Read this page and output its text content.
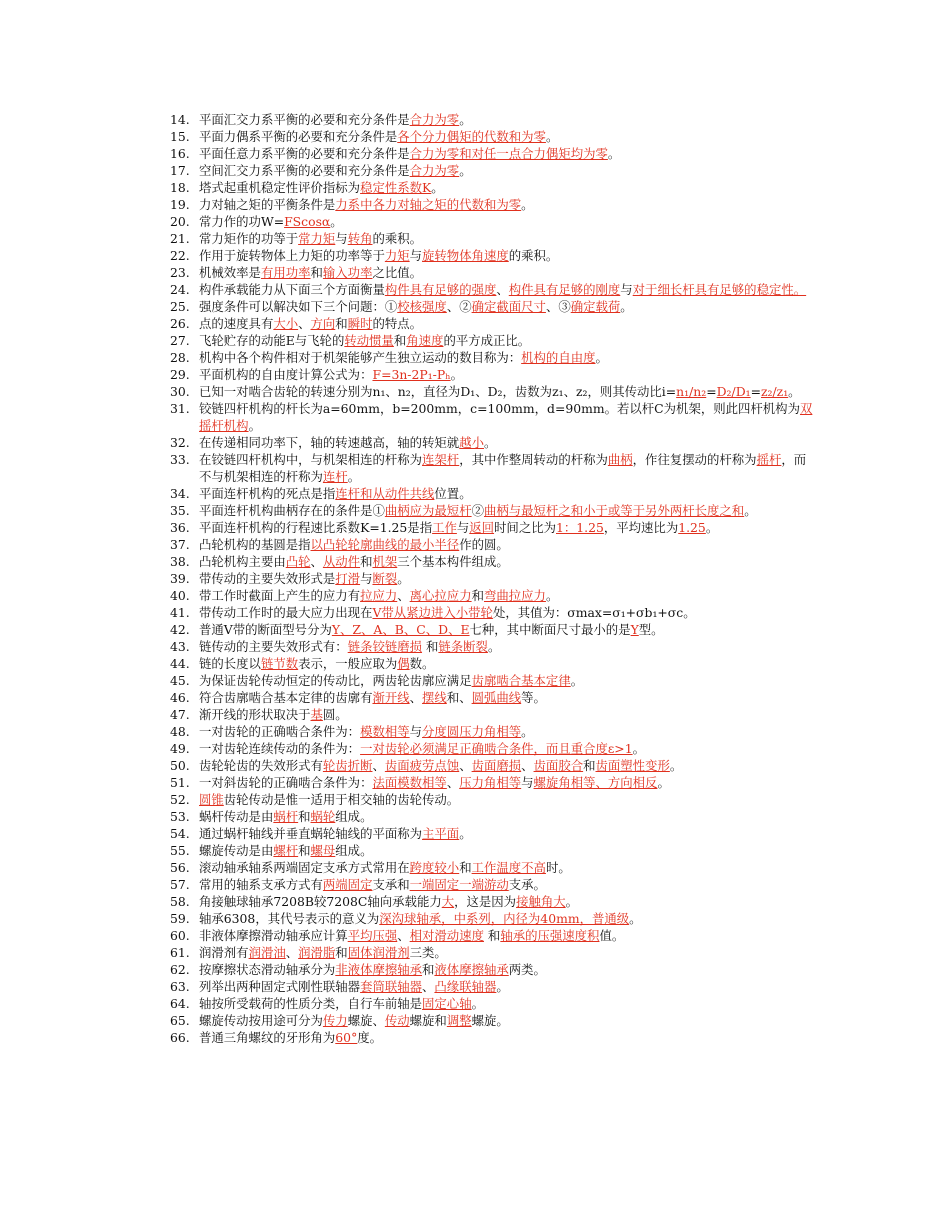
14. 平面汇交力系平衡的必要和充分条件是合力为零。
15. 平面力偶系平衡的必要和充分条件是各个分力偶矩的代数和为零。
16. 平面任意力系平衡的必要和充分条件是合力为零和对任一点合力偶矩均为零。
17. 空间汇交力系平衡的必要和充分条件是合力为零。
18. 塔式起重机稳定性评价指标为稳定性系数K。
19. 力对轴之矩的平衡条件是力系中各力对轴之矩的代数和为零。
20. 常力作的功W=FScosα。
21. 常力矩作的功等于常力矩与转角的乘积。
22. 作用于旋转物体上力矩的功率等于力矩与旋转物体角速度的乘积。
23. 机械效率是有用功率和输入功率之比值。
24. 构件承载能力从下面三个方面衡量构件具有足够的强度、构件具有足够的刚度与对于细长杆具有足够的稳定性。
25. 强度条件可以解决如下三个问题：①校核强度、②确定截面尺寸、③确定载荷。
26. 点的速度具有大小、方向和瞬时的特点。
27. 飞轮贮存的动能E与飞轮的转动惯量和角速度的平方成正比。
28. 机构中各个构件相对于机架能够产生独立运动的数目称为：机构的自由度。
29. 平面机构的自由度计算公式为：F=3n-2P₁-Pₕ。
30. 已知一对啮合齿轮的转速分别为n₁、n₂，直径为D₁、D₂，齿数为z₁、z₂，则其传动比i=n₁/n₂=D₂/D₁=z₂/z₁。
31. 铰链四杆机构的杆长为a=60mm，b=200mm，c=100mm，d=90mm。若以杆C为机架，则此四杆机构为双摇杆机构。
32. 在传递相同功率下，轴的转速越高，轴的转矩就越小。
33. 在铰链四杆机构中，与机架相连的杆称为连架杆，其中作整周转动的杆称为曲柄，作往复摆动的杆称为摇杆，而不与机架相连的杆称为连杆。
34. 平面连杆机构的死点是指连杆和从动件共线位置。
35. 平面连杆机构曲柄存在的条件是①曲柄应为最短杆②曲柄与最短杆之和小于或等于另外两杆长度之和。
36. 平面连杆机构的行程速比系数K=1.25是指工作与返回时间之比为1：1.25，平均速比为1.25。
37. 凸轮机构的基圆是指以凸轮轮廓曲线的最小半径作的圆。
38. 凸轮机构主要由凸轮、从动件和机架三个基本构件组成。
39. 带传动的主要失效形式是打滑与断裂。
40. 带工作时截面上产生的应力有拉应力、离心拉应力和弯曲拉应力。
41. 带传动工作时的最大应力出现在V带从紧边进入小带轮处，其值为：σmax=σ₁+σb₁+σc。
42. 普通V带的断面型号分为Y、Z、A、B、C、D、E七种，其中断面尺寸最小的是Y型。
43. 链传动的主要失效形式有：链条铰链磨损 和链条断裂。
44. 链的长度以链节数表示，一般应取为偶数。
45. 为保证齿轮传动恒定的传动比，两齿轮齿廓应满足齿廓啮合基本定律。
46. 符合齿廓啮合基本定律的齿廓有渐开线、摆线和、圆弧曲线等。
47. 渐开线的形状取决于基圆。
48. 一对齿轮的正确啮合条件为：模数相等与分度圆压力角相等。
49. 一对齿轮连续传动的条件为：一对齿轮必须满足正确啮合条件，而且重合度ε>1。
50. 齿轮轮齿的失效形式有轮齿折断、齿面疲劳点蚀、齿面磨损、齿面胶合和齿面塑性变形。
51. 一对斜齿轮的正确啮合条件为：法面模数相等、压力角相等与螺旋角相等、方向相反。
52. 圆锥齿轮传动是惟一适用于相交轴的齿轮传动。
53. 蜗杆传动是由蜗杆和蜗轮组成。
54. 通过蜗杆轴线并垂直蜗轮轴线的平面称为主平面。
55. 螺旋传动是由螺杆和螺母组成。
56. 滚动轴承轴系两端固定支承方式常用在跨度较小和工作温度不高时。
57. 常用的轴系支承方式有两端固定支承和一端固定一端游动支承。
58. 角接触球轴承7208B较7208C轴向承载能力大，这是因为接触角大。
59. 轴承6308，其代号表示的意义为深沟球轴承，中系列，内径为40mm，普通级。
60. 非液体摩擦滑动轴承应计算平均压强、相对滑动速度 和轴承的压强速度积值。
61. 润滑剂有润滑油、润滑脂和固体润滑剂三类。
62. 按摩擦状态滑动轴承分为非液体摩擦轴承和液体摩擦轴承两类。
63. 列举出两种固定式刚性联轴器套筒联轴器、凸缘联轴器。
64. 轴按所受载荷的性质分类，自行车前轴是固定心轴。
65. 螺旋传动按用途可分为传力螺旋、传动螺旋和调整螺旋。
66. 普通三角螺纹的牙形角为60°度。
